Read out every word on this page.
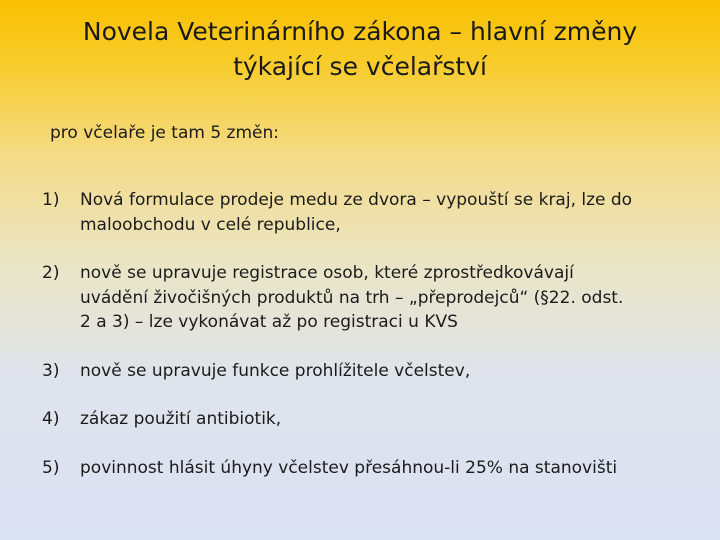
Novela Veterinárního zákona – hlavní změny
týkající se včelařství

pro včelaře je tam 5 změn:

1) Nová formulace prodeje medu ze dvora – vypouští se kraj, lze do
maloobchodu v celé republice,
2) nově se upravuje registrace osob, které zprostředkovávají
uvádění živočišných produktů na trh – „přeprodejců“ (§22. odst.
2 a 3) – lze vykonávat až po registraci u KVS
3) nově se upravuje funkce prohlížitele včelstev,
4) zákaz použití antibiotik,
5) povinnost hlásit úhyny včelstev přesáhnou-li 25% na stanovišti
